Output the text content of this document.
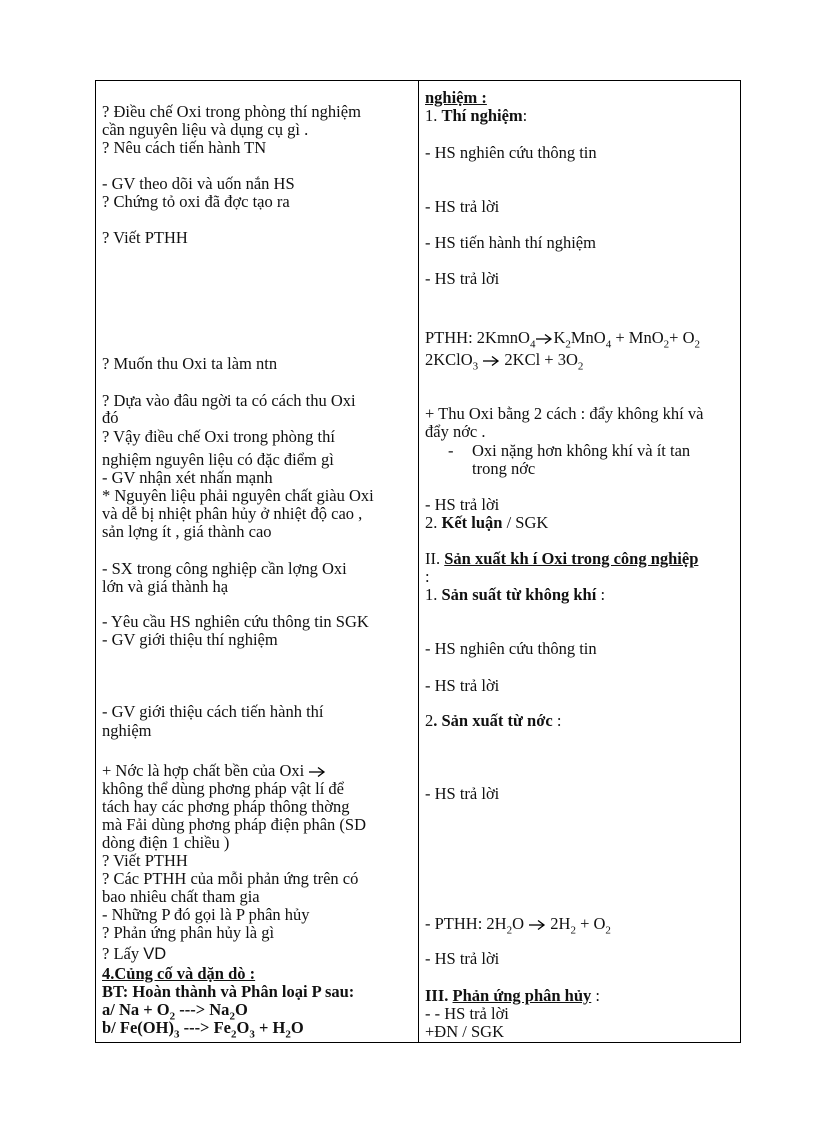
? Điều chế Oxi trong phòng thí nghiệm
cần nguyên liệu và dụng cụ gì .
? Nêu cách tiến hành TN
- GV theo dõi và uốn nắn HS
? Chứng tỏ oxi đã đợc tạo ra
? Viết PTHH
? Muốn thu Oxi ta làm ntn
? Dựa vào đâu ngời ta có cách thu Oxi
đó
? Vậy điều chế Oxi trong phòng thí
nghiệm nguyên liệu có đặc điểm gì
- GV nhận xét nhấn mạnh
* Nguyên liệu phải nguyên chất giàu Oxi
và dễ bị nhiệt phân hủy ở nhiệt độ cao ,
sản lợng ít , giá thành cao
- SX trong công nghiệp cần lợng Oxi
lớn và giá thành hạ
- Yêu cầu HS nghiên cứu thông tin SGK
- GV giới thiệu thí nghiệm
- GV giới thiệu cách tiến hành thí
nghiệm
+ Nớc là hợp chất bền của Oxi
không thể dùng phơng pháp vật lí để
tách hay các phơng pháp thông thờng
mà Fải dùng phơng pháp điện phân (SD
dòng điện 1 chiều )
? Viết PTHH
? Các PTHH của mỗi phản ứng trên có
bao nhiêu chất tham gia
- Những P đó gọi là P phân hủy
? Phản ứng phân hủy là gì
? Lấy VD
4.Củng cố và dặn dò :
BT: Hoàn thành và Phân loại P sau:
a/ $Na + O_2$ ---> $Na_2O$
b/ $Fe(OH)_3$ ---> $Fe_2O_3 + H_2O$
nghiệm :
1. Thí nghiệm:
- HS nghiên cứu thông tin
- HS trả lời
- HS tiến hành thí nghiệm
- HS trả lời
PTHH: 2KmnO$_4$ $K_2MnO_4 + MnO_2+ O_2$
2KClO$_3$  $2KCl + 3O_2$
+ Thu Oxi bằng 2 cách : đẩy không khí và
đẩy nớc .
- Oxi nặng hơn không khí và ít tan
trong nớc
- HS trả lời
2. Kết luận / SGK
II. Sản xuất kh í Oxi trong công nghiệp
:
1. Sản suất từ không khí :
- HS nghiên cứu thông tin
- HS trả lời
2. Sản xuất từ nớc :
- HS trả lời
- PTHH: $2H_2O$  $2H_2 + O_2$
- HS trả lời
III. Phản ứng phân hủy :
- - HS trả lời
+ĐN / SGK
